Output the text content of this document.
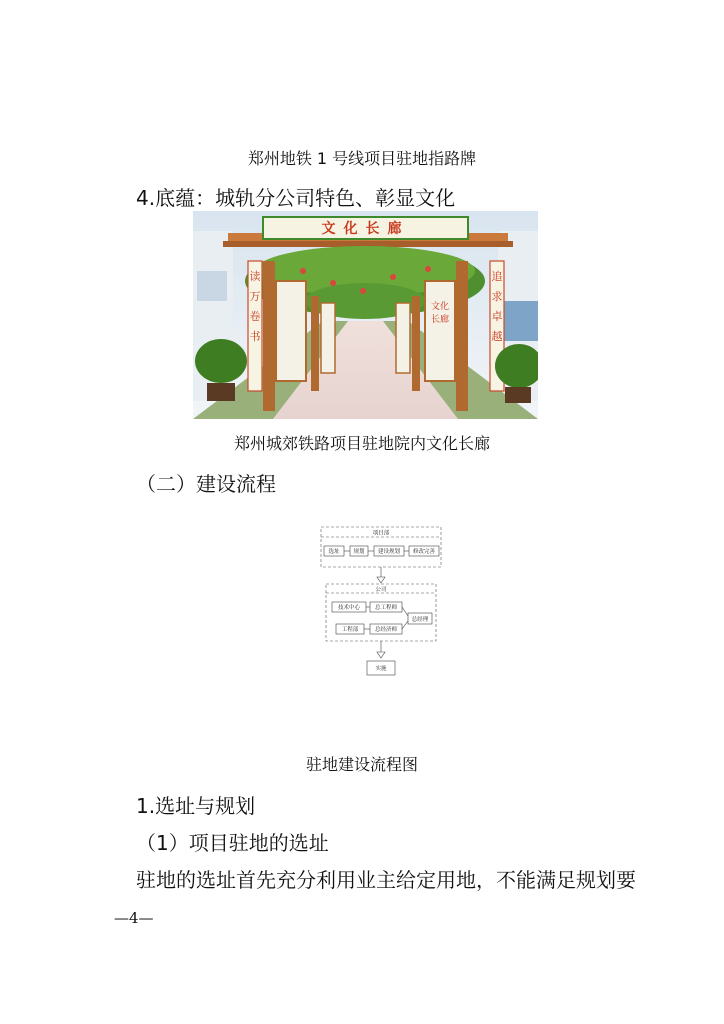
郑州地铁 1 号线项目驻地指路牌
4.底蕴：城轨分公司特色、彰显文化
文化长廊
读万卷书
追求卓越
文化长廊
郑州城郊铁路项目驻地院内文化长廊
（二）建设流程
项目部
选址	规划 建设规划 修改完善
公司
技术中心
工程部
总工程师
总经济师
总经理
实施
驻地建设流程图
1.选址与规划
（1）项目驻地的选址
驻地的选址首先充分利用业主给定用地，不能满足规划要
—4—
